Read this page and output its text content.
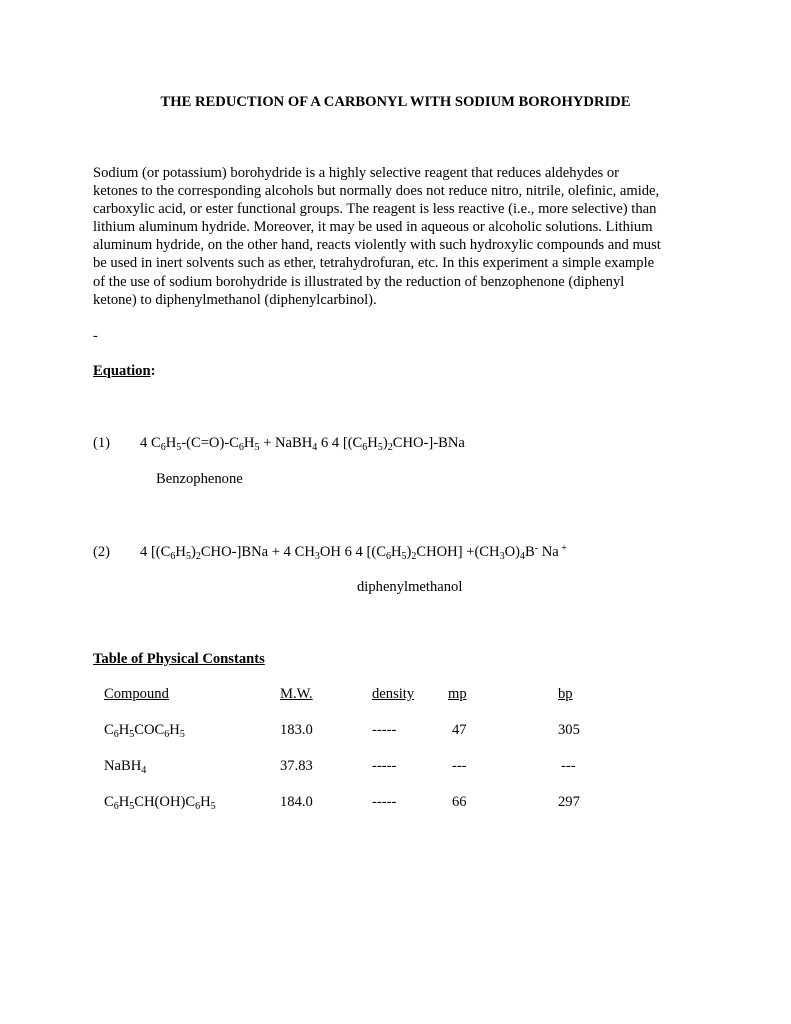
THE REDUCTION OF A CARBONYL WITH SODIUM BOROHYDRIDE
Sodium (or potassium) borohydride is a highly selective reagent that reduces aldehydes or
ketones to the corresponding alcohols but normally does not reduce nitro, nitrile, olefinic, amide,
carboxylic acid, or ester functional groups. The reagent is less reactive (i.e., more selective) than
lithium aluminum hydride. Moreover, it may be used in aqueous or alcoholic solutions. Lithium
aluminum hydride, on the other hand, reacts violently with such hydroxylic compounds and must
be used in inert solvents such as ether, tetrahydrofuran, etc. In this experiment a simple example
of the use of sodium borohydride is illustrated by the reduction of benzophenone (diphenyl
ketone) to diphenylmethanol (diphenylcarbinol).
-
Equation:
(1) 4 $C_6H_5-(C=O)-C_6H_5$ + NaBH$_4$ 6 4 $[(C_6H_5)_2CHO-]$-BNa
Benzophenone
(2) 4 $[(C_6H_5)_2CHO-]BNa + 4$ $CH_3OH$ 6 4 $[(C_6H_5)_2CHOH] +(CH_3O)_4B^-$ Na +
diphenylmethanol
Table of Physical Constants
Compound	M.W.	density mp	bp
$C_6H_5COC_6H_5$	183.0	-----	47	305
NaBH$_4$	37.83	-----	---	---
$C_6H_5CH(OH)C_6H_5$	184.0	-----	66	297
